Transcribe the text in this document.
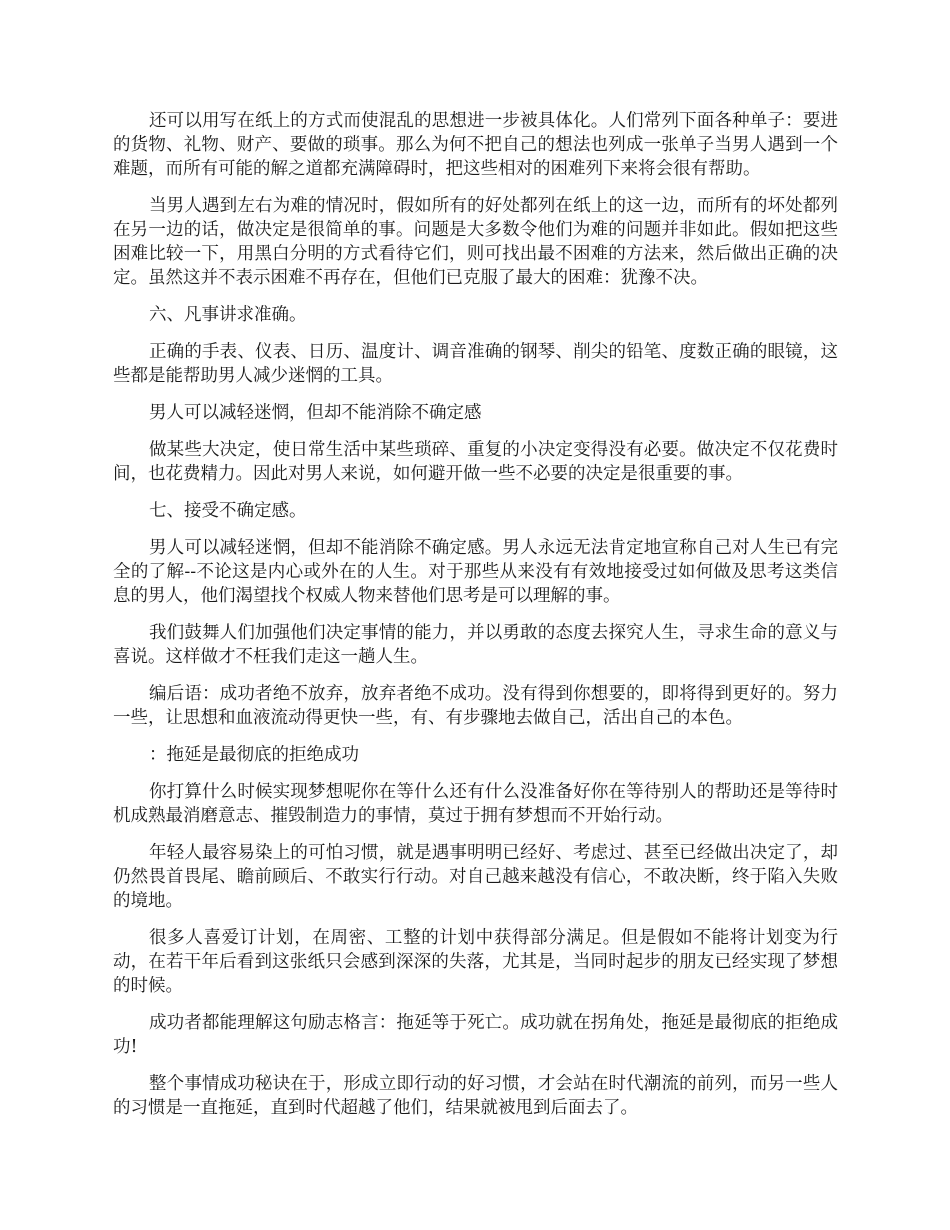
还可以用写在纸上的方式而使混乱的思想进一步被具体化。人们常列下面各种单子：要进的货物、礼物、财产、要做的琐事。那么为何不把自己的想法也列成一张单子当男人遇到一个难题，而所有可能的解之道都充满障碍时，把这些相对的困难列下来将会很有帮助。

当男人遇到左右为难的情况时，假如所有的好处都列在纸上的这一边，而所有的坏处都列在另一边的话，做决定是很简单的事。问题是大多数令他们为难的问题并非如此。假如把这些困难比较一下，用黑白分明的方式看待它们，则可找出最不困难的方法来，然后做出正确的决定。虽然这并不表示困难不再存在，但他们已克服了最大的困难：犹豫不决。

六、凡事讲求准确。

正确的手表、仪表、日历、温度计、调音准确的钢琴、削尖的铅笔、度数正确的眼镜，这些都是能帮助男人减少迷惘的工具。

男人可以减轻迷惘，但却不能消除不确定感

做某些大决定，使日常生活中某些琐碎、重复的小决定变得没有必要。做决定不仅花费时间，也花费精力。因此对男人来说，如何避开做一些不必要的决定是很重要的事。

七、接受不确定感。

男人可以减轻迷惘，但却不能消除不确定感。男人永远无法肯定地宣称自己对人生已有完全的了解--不论这是内心或外在的人生。对于那些从来没有有效地接受过如何做及思考这类信息的男人，他们渴望找个权威人物来替他们思考是可以理解的事。

我们鼓舞人们加强他们决定事情的能力，并以勇敢的态度去探究人生，寻求生命的意义与喜说。这样做才不枉我们走这一趟人生。

编后语：成功者绝不放弃，放弃者绝不成功。没有得到你想要的，即将得到更好的。努力一些，让思想和血液流动得更快一些，有、有步骤地去做自己，活出自己的本色。

：拖延是最彻底的拒绝成功

你打算什么时候实现梦想呢你在等什么还有什么没准备好你在等待别人的帮助还是等待时机成熟最消磨意志、摧毁制造力的事情，莫过于拥有梦想而不开始行动。

年轻人最容易染上的可怕习惯，就是遇事明明已经好、考虑过、甚至已经做出决定了，却仍然畏首畏尾、瞻前顾后、不敢实行行动。对自己越来越没有信心，不敢决断，终于陷入失败的境地。

很多人喜爱订计划，在周密、工整的计划中获得部分满足。但是假如不能将计划变为行动，在若干年后看到这张纸只会感到深深的失落，尤其是，当同时起步的朋友已经实现了梦想的时候。

成功者都能理解这句励志格言：拖延等于死亡。成功就在拐角处，拖延是最彻底的拒绝成功!

整个事情成功秘诀在于，形成立即行动的好习惯，才会站在时代潮流的前列，而另一些人的习惯是一直拖延，直到时代超越了他们，结果就被甩到后面去了。
